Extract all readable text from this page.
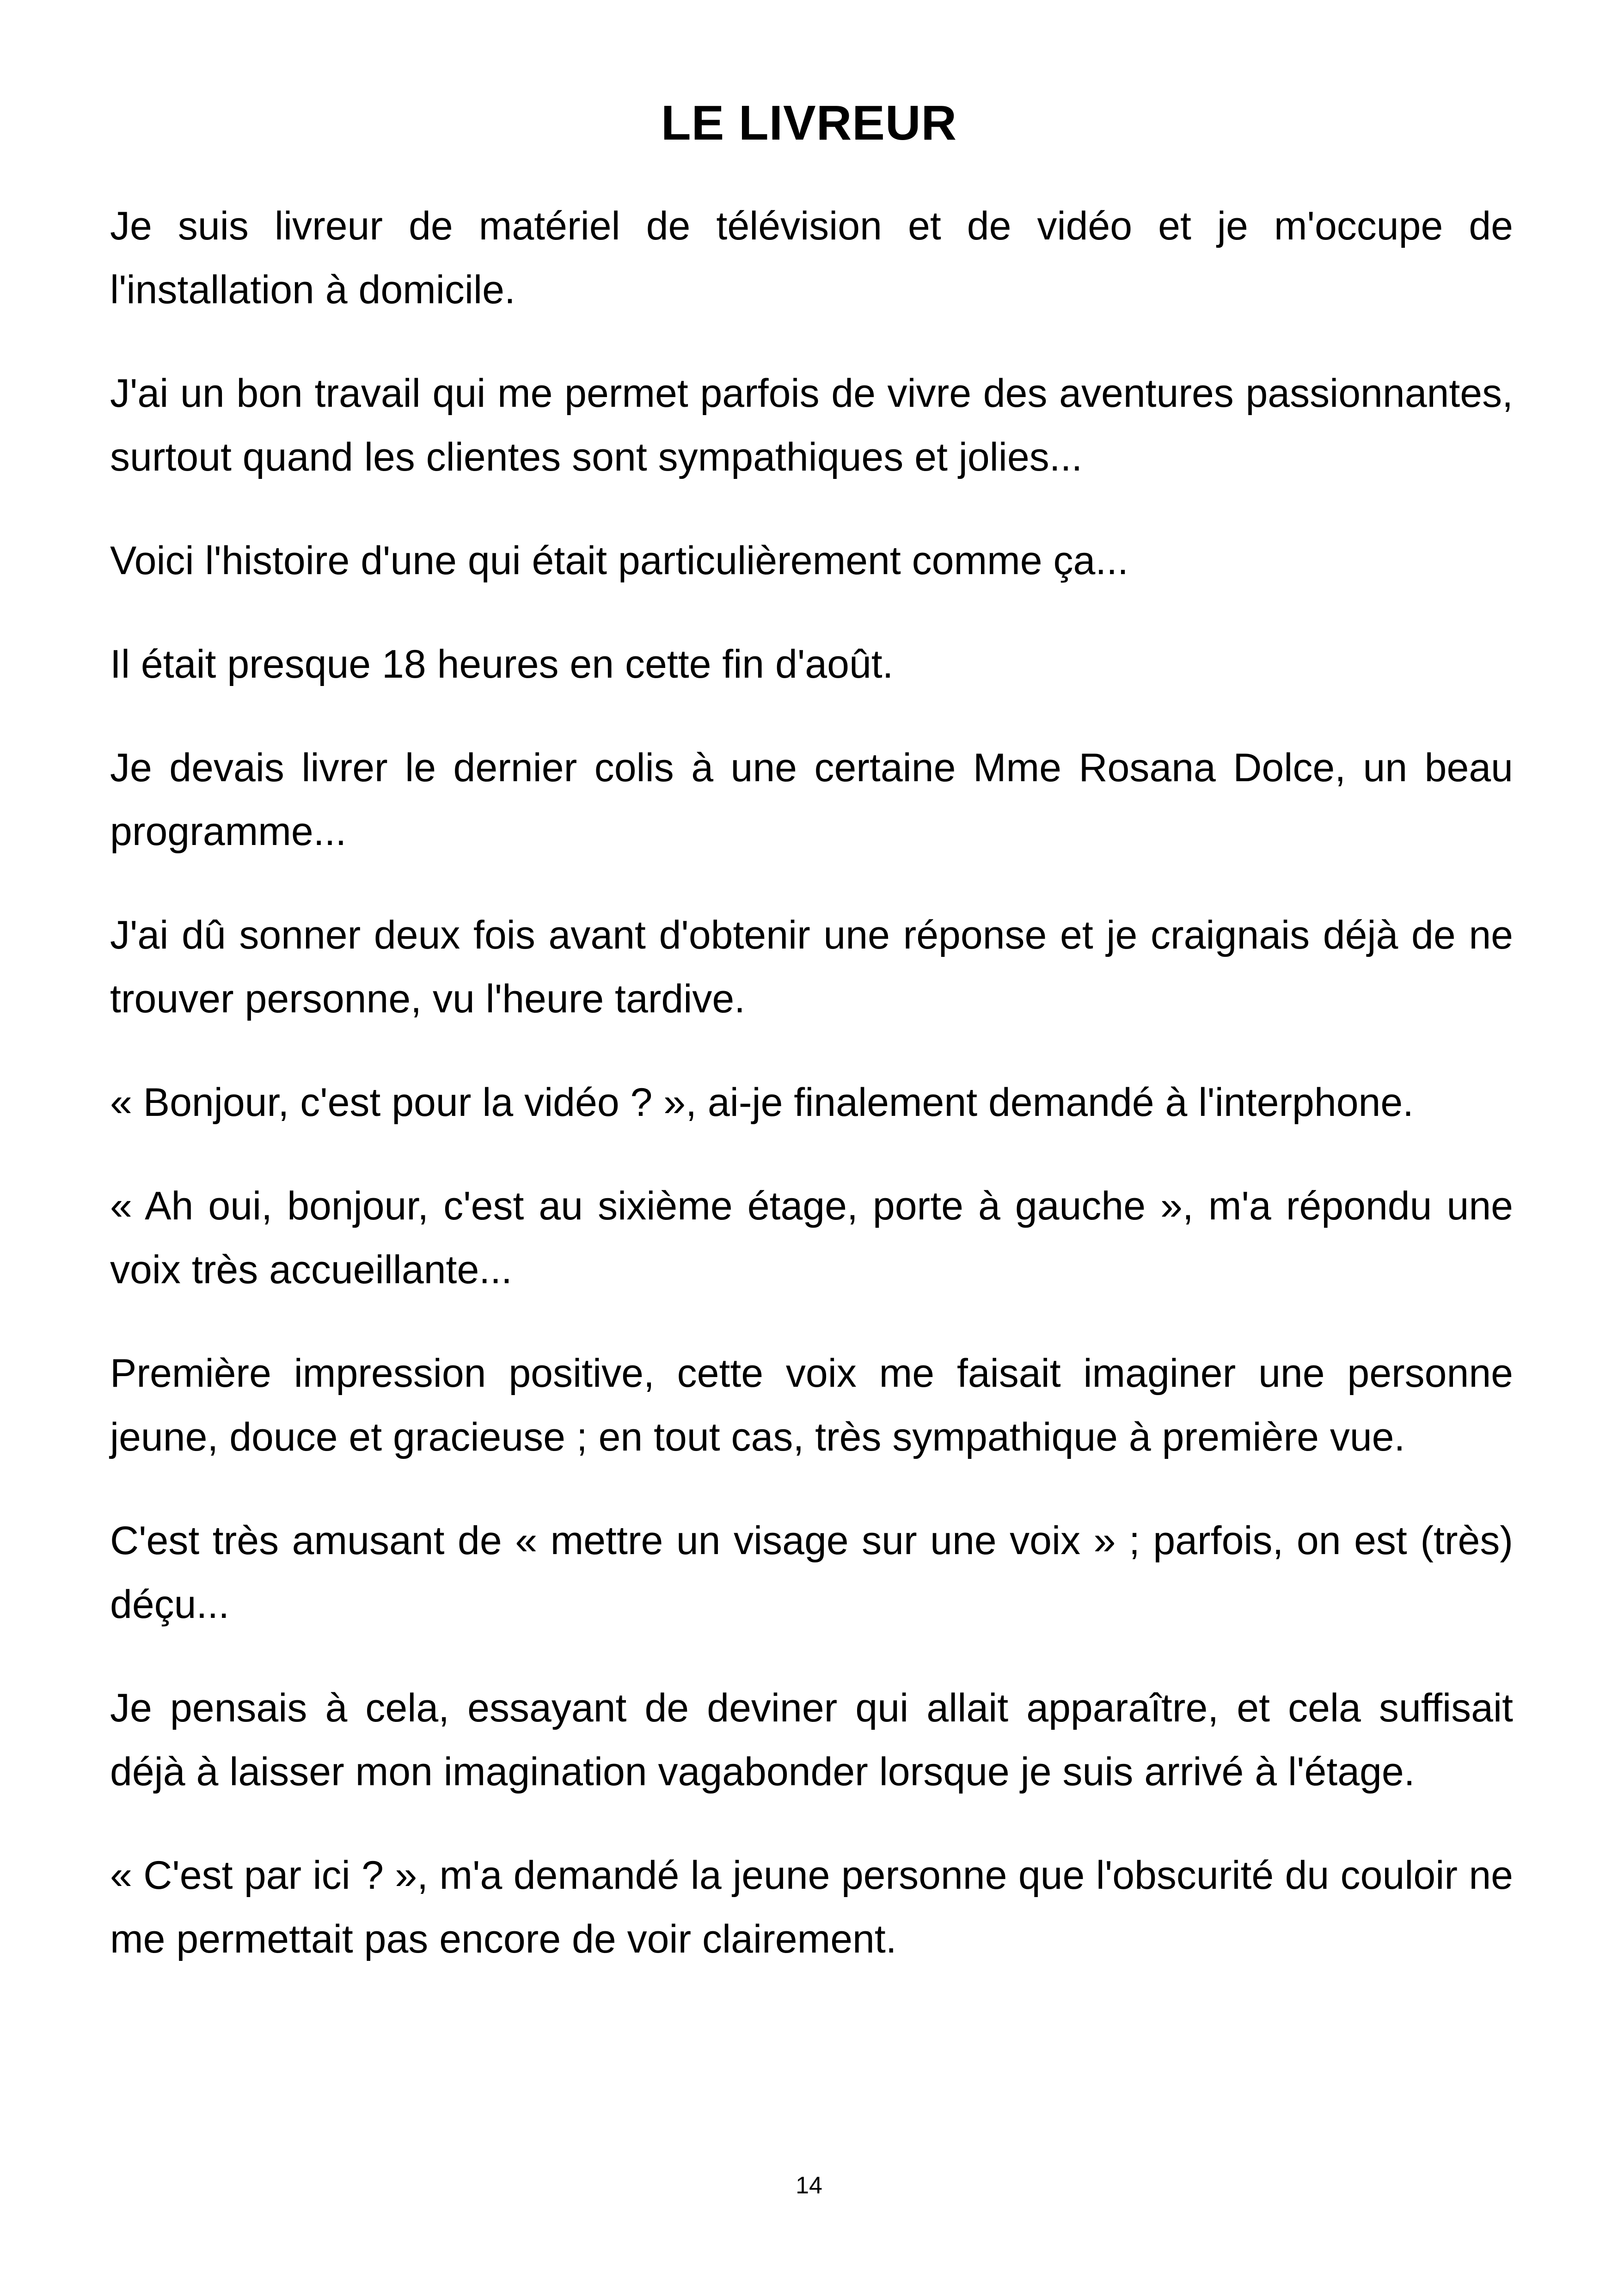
LE LIVREUR

Je suis livreur de matériel de télévision et de vidéo et je m'occupe de l'installation à domicile.

J'ai un bon travail qui me permet parfois de vivre des aventures passionnantes, surtout quand les clientes sont sympathiques et jolies...

Voici l'histoire d'une qui était particulièrement comme ça...

Il était presque 18 heures en cette fin d'août.

Je devais livrer le dernier colis à une certaine Mme Rosana Dolce, un beau programme...

J'ai dû sonner deux fois avant d'obtenir une réponse et je craignais déjà de ne trouver personne, vu l'heure tardive.

« Bonjour, c'est pour la vidéo ? », ai-je finalement demandé à l'interphone.

« Ah oui, bonjour, c'est au sixième étage, porte à gauche », m'a répondu une voix très accueillante...

Première impression positive, cette voix me faisait imaginer une personne jeune, douce et gracieuse ; en tout cas, très sympathique à première vue.

C'est très amusant de « mettre un visage sur une voix » ; parfois, on est (très) déçu...

Je pensais à cela, essayant de deviner qui allait apparaître, et cela suffisait déjà à laisser mon imagination vagabonder lorsque je suis arrivé à l'étage.

« C'est par ici ? », m'a demandé la jeune personne que l'obscurité du couloir ne me permettait pas encore de voir clairement.

14
